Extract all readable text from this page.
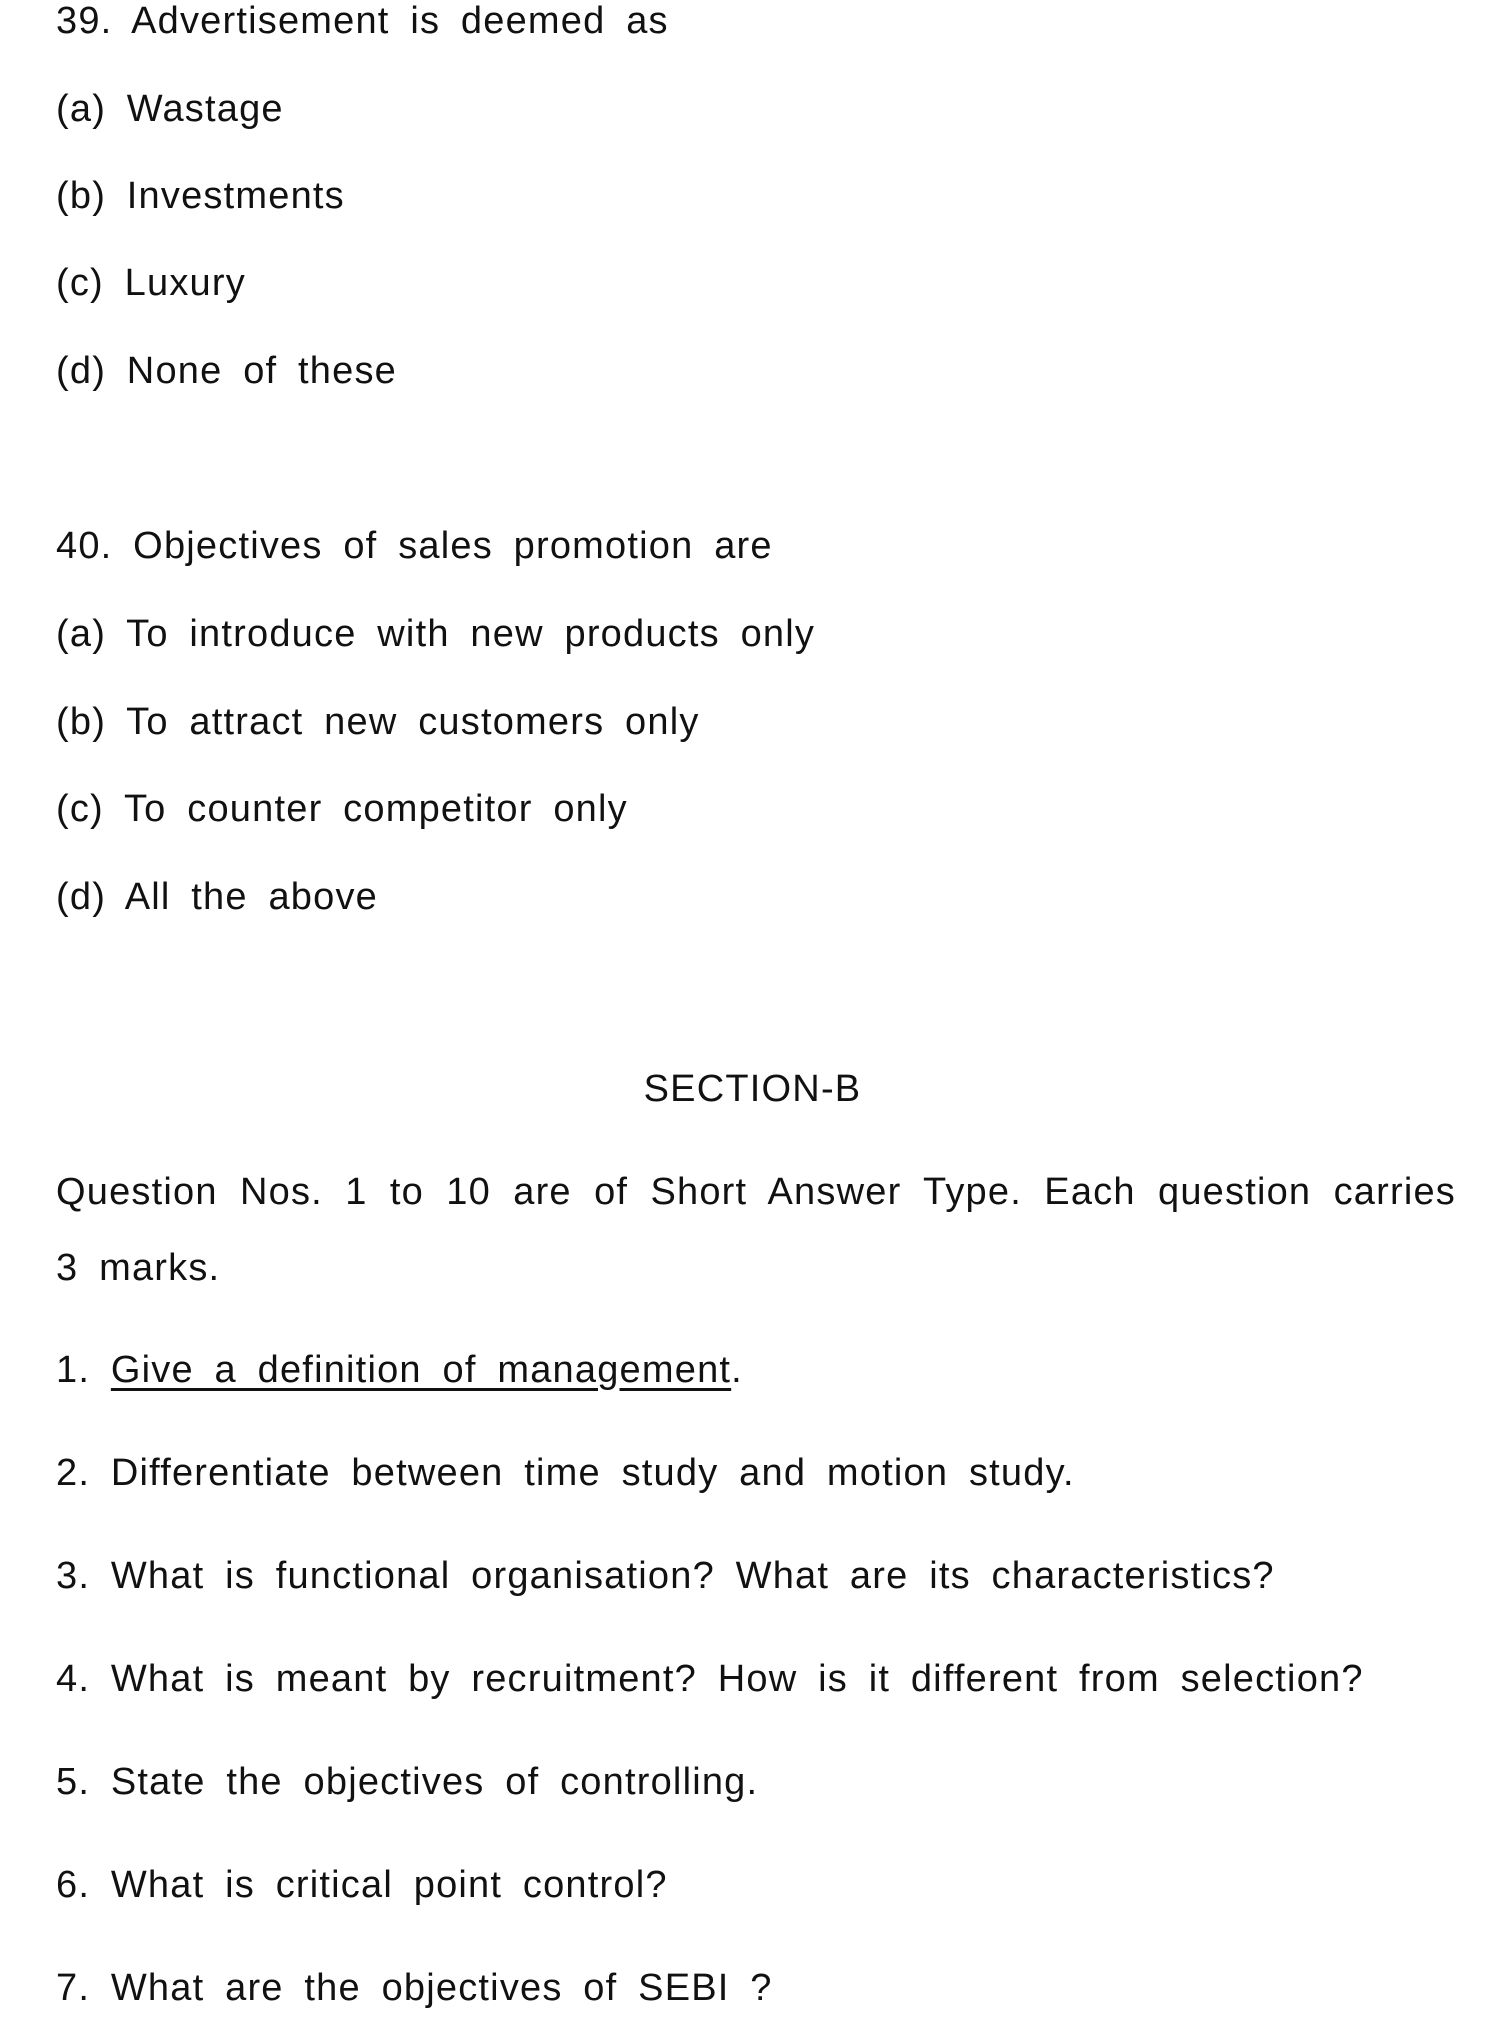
39. Advertisement is deemed as
(a) Wastage
(b) Investments
(c) Luxury
(d) None of these
40. Objectives of sales promotion are
(a) To introduce with new products only
(b) To attract new customers only
(c) To counter competitor only
(d) All the above
SECTION-B
Question Nos. 1 to 10 are of Short Answer Type. Each question carries 3 marks.
1. Give a definition of management.
2. Differentiate between time study and motion study.
3. What is functional organisation? What are its characteristics?
4. What is meant by recruitment? How is it different from selection?
5. State the objectives of controlling.
6. What is critical point control?
7. What are the objectives of SEBI ?
